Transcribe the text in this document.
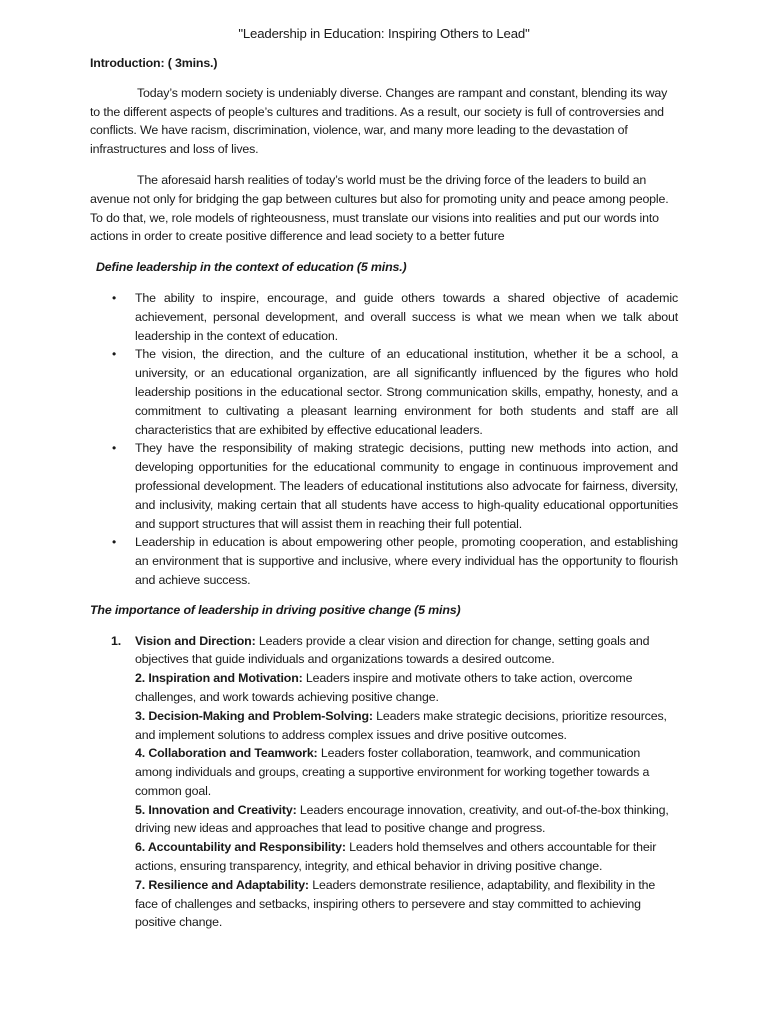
"Leadership in Education: Inspiring Others to Lead"
Introduction: ( 3mins.)

Today’s modern society is undeniably diverse. Changes are rampant and constant, blending its way to the different aspects of people’s cultures and traditions. As a result, our society is full of controversies and conflicts. We have racism, discrimination, violence, war, and many more leading to the devastation of infrastructures and loss of lives.

The aforesaid harsh realities of today’s world must be the driving force of the leaders to build an avenue not only for bridging the gap between cultures but also for promoting unity and peace among people. To do that, we, role models of righteousness, must translate our visions into realities and put our words into actions in order to create positive difference and lead society to a better future

Define leadership in the context of education (5 mins.)
• The ability to inspire, encourage, and guide others towards a shared objective of academic achievement, personal development, and overall success is what we mean when we talk about leadership in the context of education.
• The vision, the direction, and the culture of an educational institution, whether it be a school, a university, or an educational organization, are all significantly influenced by the figures who hold leadership positions in the educational sector. Strong communication skills, empathy, honesty, and a commitment to cultivating a pleasant learning environment for both students and staff are all characteristics that are exhibited by effective educational leaders.
• They have the responsibility of making strategic decisions, putting new methods into action, and developing opportunities for the educational community to engage in continuous improvement and professional development. The leaders of educational institutions also advocate for fairness, diversity, and inclusivity, making certain that all students have access to high-quality educational opportunities and support structures that will assist them in reaching their full potential.
• Leadership in education is about empowering other people, promoting cooperation, and establishing an environment that is supportive and inclusive, where every individual has the opportunity to flourish and achieve success.
The importance of leadership in driving positive change (5 mins)
1. Vision and Direction: Leaders provide a clear vision and direction for change, setting goals and objectives that guide individuals and organizations towards a desired outcome.
2. Inspiration and Motivation: Leaders inspire and motivate others to take action, overcome challenges, and work towards achieving positive change.
3. Decision-Making and Problem-Solving: Leaders make strategic decisions, prioritize resources, and implement solutions to address complex issues and drive positive outcomes.
4. Collaboration and Teamwork: Leaders foster collaboration, teamwork, and communication among individuals and groups, creating a supportive environment for working together towards a common goal.
5. Innovation and Creativity: Leaders encourage innovation, creativity, and out-of-the-box thinking, driving new ideas and approaches that lead to positive change and progress.
6. Accountability and Responsibility: Leaders hold themselves and others accountable for their actions, ensuring transparency, integrity, and ethical behavior in driving positive change.
7. Resilience and Adaptability: Leaders demonstrate resilience, adaptability, and flexibility in the face of challenges and setbacks, inspiring others to persevere and stay committed to achieving positive change.
